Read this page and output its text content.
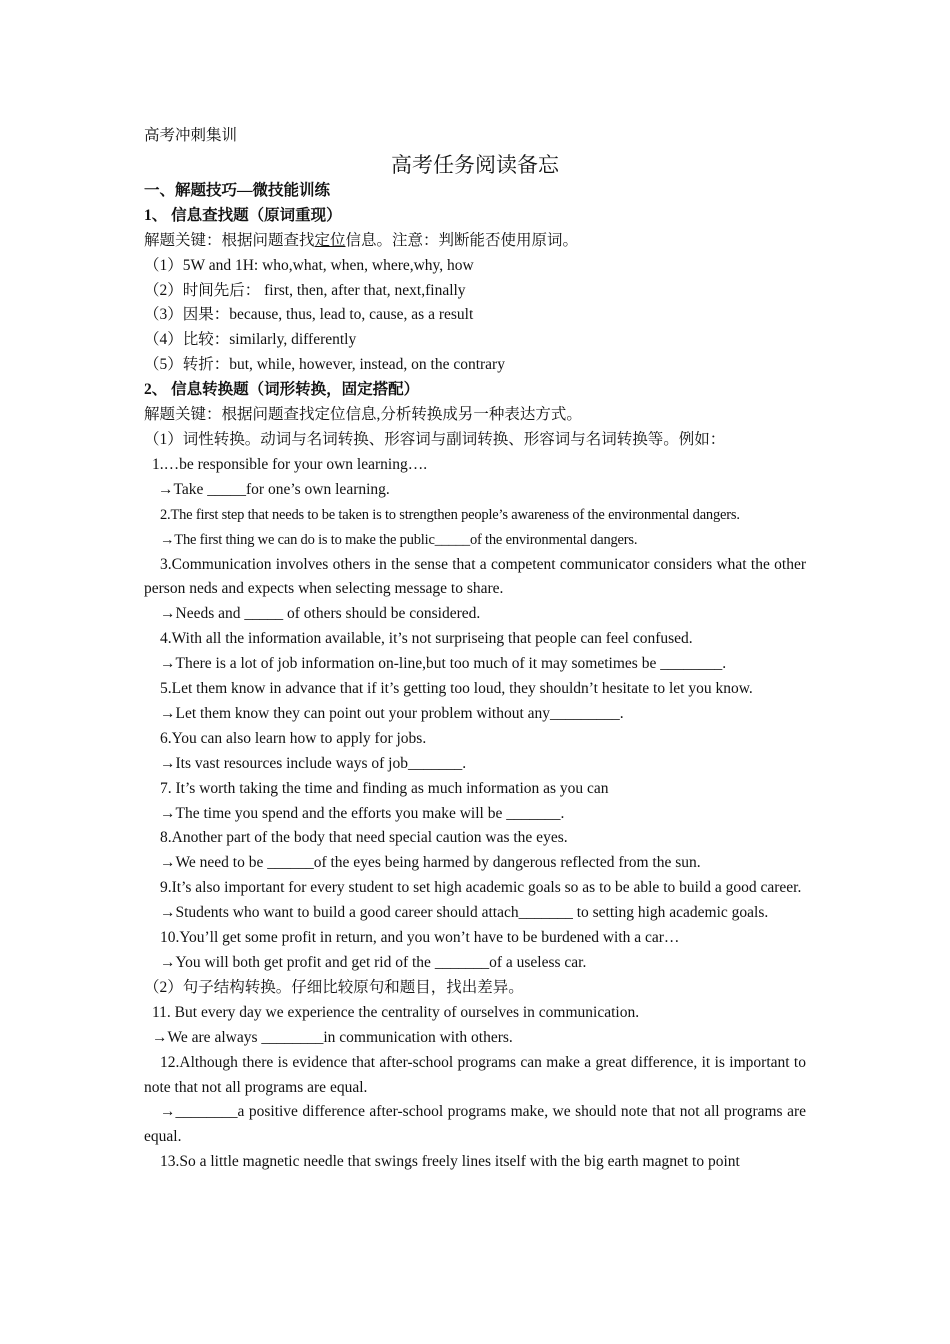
高考冲刺集训
高考任务阅读备忘
一、解题技巧—微技能训练
1、 信息查找题（原词重现）
解题关键：根据问题查找定位信息。注意：判断能否使用原词。
（1）5W and 1H: who,what, when, where,why, how
（2）时间先后： first, then, after that, next,finally
（3）因果：because, thus, lead to, cause, as a result
（4）比较：similarly, differently
（5）转折：but, while, however, instead, on the contrary
2、 信息转换题（词形转换，固定搭配）
解题关键：根据问题查找定位信息,分析转换成另一种表达方式。
（1）词性转换。动词与名词转换、形容词与副词转换、形容词与名词转换等。例如：
1.…be responsible for your own learning….
→Take _____for one’s own learning.
2.The first step that needs to be taken is to strengthen people’s awareness of the environmental dangers.
→The first thing we can do is to make the public_____of the environmental dangers.
3.Communication involves others in the sense that a competent communicator considers what the other person neds and expects when selecting message to share.
→Needs and _____ of others should be considered.
4.With all the information available, it’s not surpriseing that people can feel confused.
→There is a lot of job information on-line,but too much of it may sometimes be ________.
5.Let them know in advance that if it’s getting too loud, they shouldn’t hesitate to let you know.
→Let them know they can point out your problem without any_________.
6.You can also learn how to apply for jobs.
→Its vast resources include ways of job_______.
7. It’s worth taking the time and finding as much information as you can
→The time you spend and the efforts you make will be _______.
8.Another part of the body that need special caution was the eyes.
→We need to be ______of the eyes being harmed by dangerous reflected from the sun.
9.It’s also important for every student to set high academic goals so as to be able to build a good career.
→Students who want to build a good career should attach_______ to setting high academic goals.
10.You’ll get some profit in return, and you won’t have to be burdened with a car…
→You will both get profit and get rid of the _______of a useless car.
（2）句子结构转换。仔细比较原句和题目，找出差异。
11. But every day we experience the centrality of ourselves in communication.
→We are always ________in communication with others.
12.Although there is evidence that after-school programs can make a great difference, it is important to note that not all programs are equal.
→________a positive difference after-school programs make, we should note that not all programs are equal.
13.So a little magnetic needle that swings freely lines itself with the big earth magnet to point
